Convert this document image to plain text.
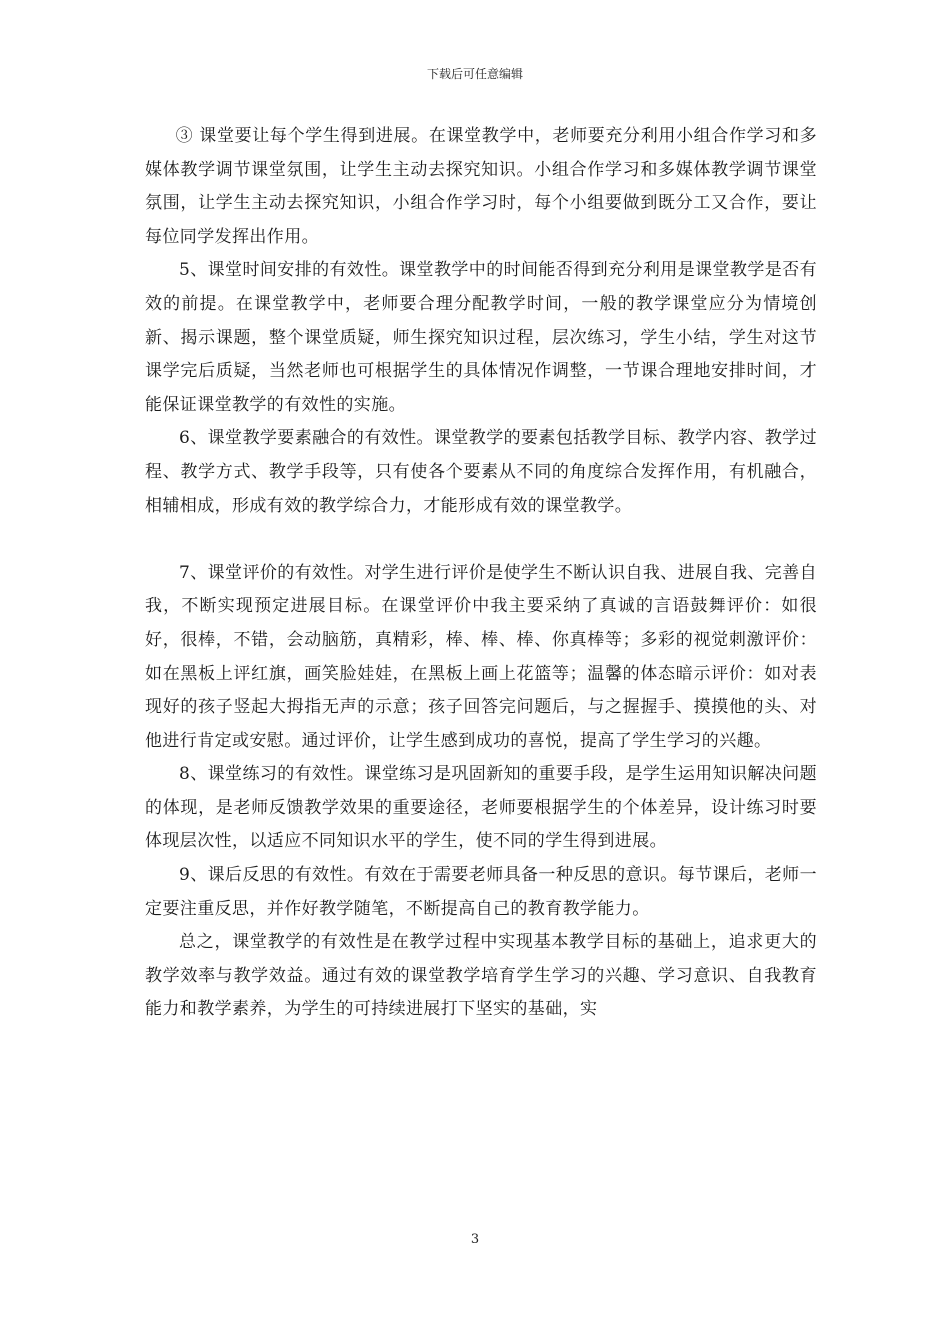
下载后可任意编辑

③ 课堂要让每个学生得到进展。在课堂教学中，老师要充分利用小组合作学习和多媒体教学调节课堂氛围，让学生主动去探究知识。小组合作学习和多媒体教学调节课堂氛围，让学生主动去探究知识，小组合作学习时，每个小组要做到既分工又合作，要让每位同学发挥出作用。

5、课堂时间安排的有效性。课堂教学中的时间能否得到充分利用是课堂教学是否有效的前提。在课堂教学中，老师要合理分配教学时间，一般的教学课堂应分为情境创新、揭示课题，整个课堂质疑，师生探究知识过程，层次练习，学生小结，学生对这节课学完后质疑，当然老师也可根据学生的具体情况作调整，一节课合理地安排时间，才能保证课堂教学的有效性的实施。

6、课堂教学要素融合的有效性。课堂教学的要素包括教学目标、教学内容、教学过程、教学方式、教学手段等，只有使各个要素从不同的角度综合发挥作用，有机融合，相辅相成，形成有效的教学综合力，才能形成有效的课堂教学。

7、课堂评价的有效性。对学生进行评价是使学生不断认识自我、进展自我、完善自我，不断实现预定进展目标。在课堂评价中我主要采纳了真诚的言语鼓舞评价：如很好，很棒，不错，会动脑筋，真精彩，棒、棒、棒、你真棒等；多彩的视觉刺激评价：如在黑板上评红旗，画笑脸娃娃，在黑板上画上花篮等；温馨的体态暗示评价：如对表现好的孩子竖起大拇指无声的示意；孩子回答完问题后，与之握握手、摸摸他的头、对他进行肯定或安慰。通过评价，让学生感到成功的喜悦，提高了学生学习的兴趣。

8、课堂练习的有效性。课堂练习是巩固新知的重要手段，是学生运用知识解决问题的体现，是老师反馈教学效果的重要途径，老师要根据学生的个体差异，设计练习时要体现层次性，以适应不同知识水平的学生，使不同的学生得到进展。

9、课后反思的有效性。有效在于需要老师具备一种反思的意识。每节课后，老师一定要注重反思，并作好教学随笔，不断提高自己的教育教学能力。

总之，课堂教学的有效性是在教学过程中实现基本教学目标的基础上，追求更大的教学效率与教学效益。通过有效的课堂教学培育学生学习的兴趣、学习意识、自我教育能力和教学素养，为学生的可持续进展打下坚实的基础，实

3
